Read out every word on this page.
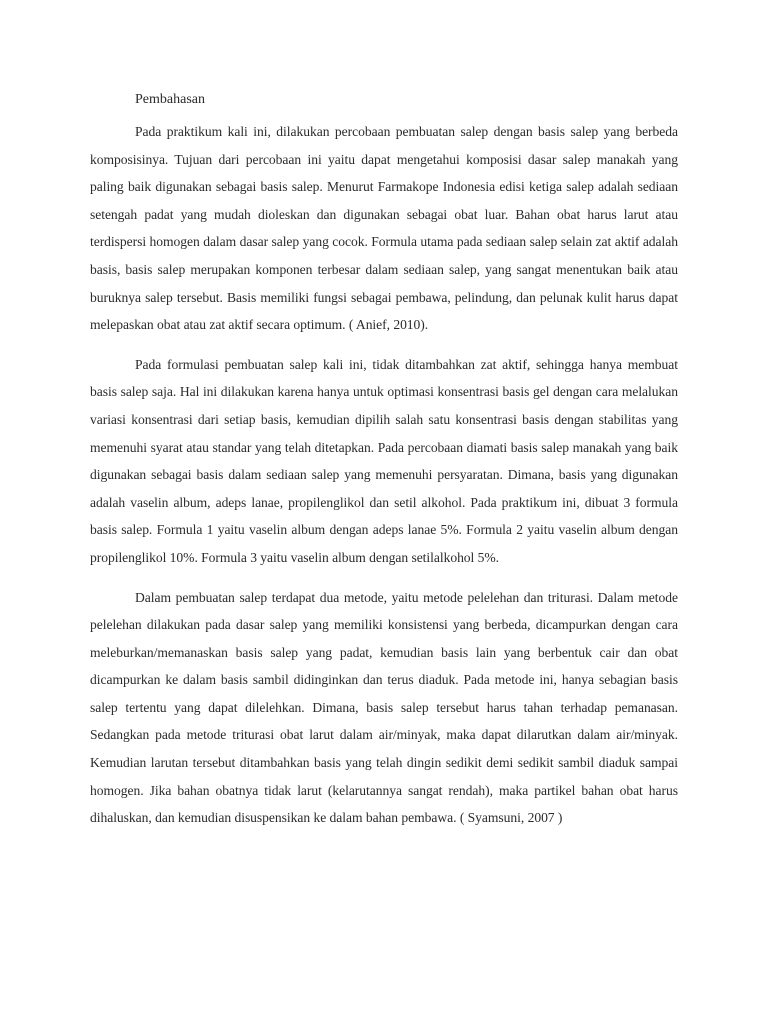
Pembahasan

Pada praktikum kali ini, dilakukan percobaan pembuatan salep dengan basis salep yang berbeda komposisinya. Tujuan dari percobaan ini yaitu dapat mengetahui komposisi dasar salep manakah yang paling baik digunakan sebagai basis salep. Menurut Farmakope Indonesia edisi ketiga salep adalah sediaan setengah padat yang mudah dioleskan dan digunakan sebagai obat luar. Bahan obat harus larut atau terdispersi homogen dalam dasar salep yang cocok. Formula utama pada sediaan salep selain zat aktif adalah basis, basis salep merupakan komponen terbesar dalam sediaan salep, yang sangat menentukan baik atau buruknya salep tersebut. Basis memiliki fungsi sebagai pembawa, pelindung, dan pelunak kulit harus dapat melepaskan obat atau zat aktif secara optimum. ( Anief, 2010).

Pada formulasi pembuatan salep kali ini, tidak ditambahkan zat aktif, sehingga hanya membuat basis salep saja. Hal ini dilakukan karena hanya untuk optimasi konsentrasi basis gel dengan cara melalukan variasi konsentrasi dari setiap basis, kemudian dipilih salah satu konsentrasi basis dengan stabilitas yang memenuhi syarat atau standar yang telah ditetapkan. Pada percobaan diamati basis salep manakah yang baik digunakan sebagai basis dalam sediaan salep yang memenuhi persyaratan. Dimana, basis yang digunakan adalah vaselin album, adeps lanae, propilenglikol dan setil alkohol. Pada praktikum ini, dibuat 3 formula basis salep. Formula 1 yaitu vaselin album dengan adeps lanae 5%. Formula 2 yaitu vaselin album dengan propilenglikol 10%. Formula 3 yaitu vaselin album dengan setilalkohol 5%.

Dalam pembuatan salep terdapat dua metode, yaitu metode pelelehan dan triturasi. Dalam metode pelelehan dilakukan pada dasar salep yang memiliki konsistensi yang berbeda, dicampurkan dengan cara meleburkan/memanaskan basis salep yang padat, kemudian basis lain yang berbentuk cair dan obat dicampurkan ke dalam basis sambil didinginkan dan terus diaduk. Pada metode ini, hanya sebagian basis salep tertentu yang dapat dilelehkan. Dimana, basis salep tersebut harus tahan terhadap pemanasan. Sedangkan pada metode triturasi obat larut dalam air/minyak, maka dapat dilarutkan dalam air/minyak. Kemudian larutan tersebut ditambahkan basis yang telah dingin sedikit demi sedikit sambil diaduk sampai homogen. Jika bahan obatnya tidak larut (kelarutannya sangat rendah), maka partikel bahan obat harus dihaluskan, dan kemudian disuspensikan ke dalam bahan pembawa. ( Syamsuni, 2007 )
